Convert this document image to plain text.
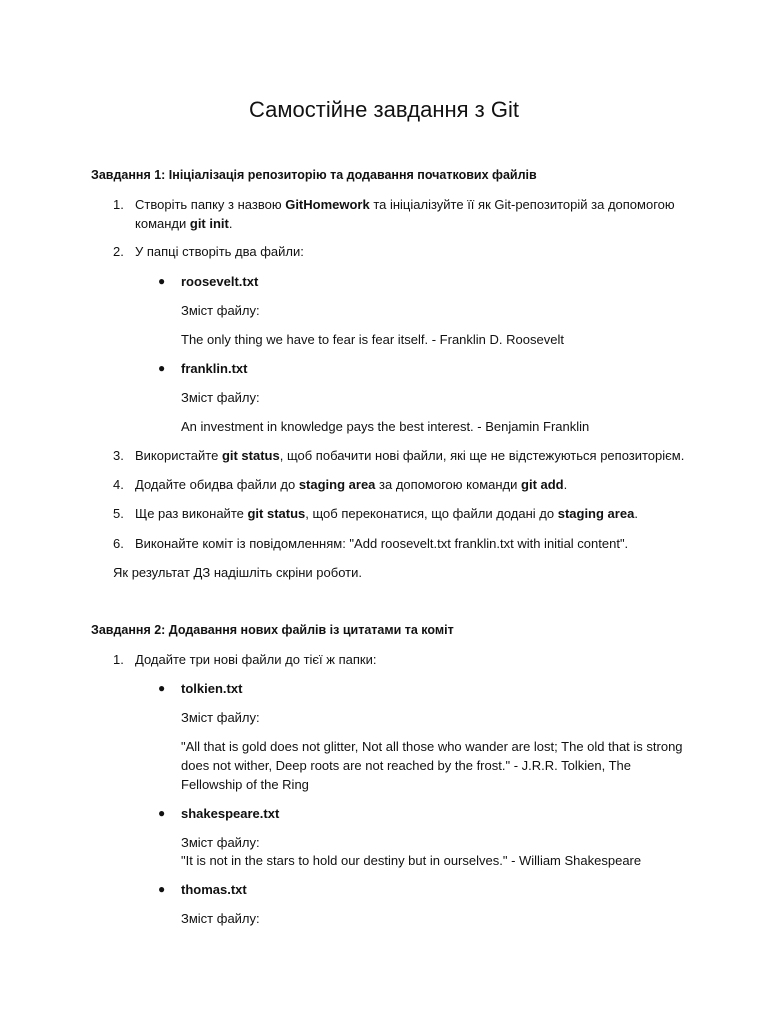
Самостійне завдання з Git
Завдання 1: Ініціалізація репозиторію та додавання початкових файлів
1. Створіть папку з назвою GitHomework та ініціалізуйте її як Git-репозиторій за допомогою
команди git init.
2. У папці створіть два файли:
● roosevelt.txt
Зміст файлу:
The only thing we have to fear is fear itself. - Franklin D. Roosevelt
● franklin.txt
Зміст файлу:
An investment in knowledge pays the best interest. - Benjamin Franklin
3. Використайте git status, щоб побачити нові файли, які ще не відстежуються репозиторієм.
4. Додайте обидва файли до staging area за допомогою команди git add.
5. Ще раз виконайте git status, щоб переконатися, що файли додані до staging area.
6. Виконайте коміт із повідомленням: "Add roosevelt.txt franklin.txt with initial content".
Як результат ДЗ надішліть скріни роботи.
Завдання 2: Додавання нових файлів із цитатами та коміт
1. Додайте три нові файли до тієї ж папки:
● tolkien.txt
Зміст файлу:
"All that is gold does not glitter, Not all those who wander are lost; The old that is strong
does not wither, Deep roots are not reached by the frost." - J.R.R. Tolkien, The
Fellowship of the Ring
● shakespeare.txt
Зміст файлу:
"It is not in the stars to hold our destiny but in ourselves." - William Shakespeare
● thomas.txt
Зміст файлу:
